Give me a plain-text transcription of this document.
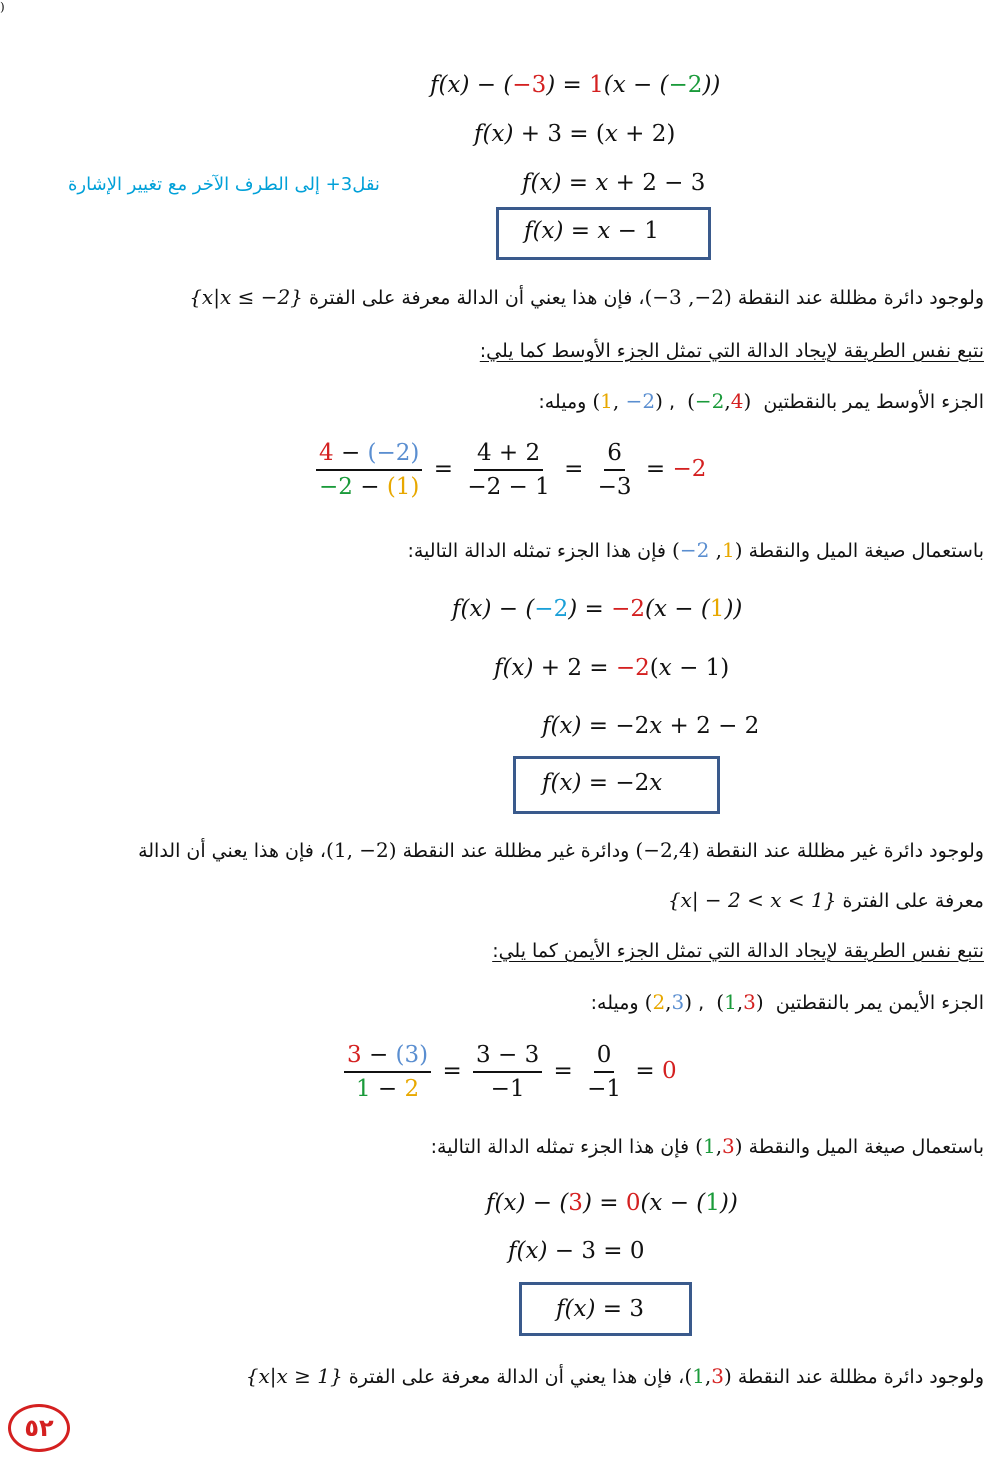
)
f(x) − (−3) = 1(x − (−2))
f(x) + 3 = (x + 2)
f(x) = x + 2 − 3
نقل3+ إلى الطرف الآخر مع تغيير الإشارة
f(x) = x − 1
ولوجود دائرة مظللة عند النقطة (−3 ,−2)، فإن هذا يعني أن الدالة معرفة على الفترة {x|x ≤ −2}
نتبع نفس الطريقة لإيجاد الدالة التي تمثل الجزء الأوسط كما يلي:
الجزء الأوسط يمر بالنقطتين  (−2,4)  , (1, −2) وميله:
$\frac{4 - (-2)}{-2 - (1)} = \frac{4 + 2}{-2 - 1} = \frac{6}{-3} = -2$
باستعمال صيغة الميل والنقطة (−2 ,1) فإن هذا الجزء تمثله الدالة التالية:
f(x) − (−2) = −2(x − (1))
f(x) + 2 = −2(x − 1)
f(x) = −2x + 2 − 2
f(x) = −2x
ولوجود دائرة غير مظللة عند النقطة (−2,4) ودائرة غير مظللة عند النقطة (1, −2)، فإن هذا يعني أن الدالة
معرفة على الفترة {x| − 2 < x < 1}
نتبع نفس الطريقة لإيجاد الدالة التي تمثل الجزء الأيمن كما يلي:
الجزء الأيمن يمر بالنقطتين  (1,3)  , (2,3) وميله:
$\frac{3 - (3)}{1 - 2} = \frac{3 - 3}{-1} = \frac{0}{-1} = 0$
باستعمال صيغة الميل والنقطة (1,3) فإن هذا الجزء تمثله الدالة التالية:
f(x) − (3) = 0(x − (1))
f(x) − 3 = 0
f(x) = 3
ولوجود دائرة مظللة عند النقطة (1,3)، فإن هذا يعني أن الدالة معرفة على الفترة {x|x ≥ 1}
٥٢
